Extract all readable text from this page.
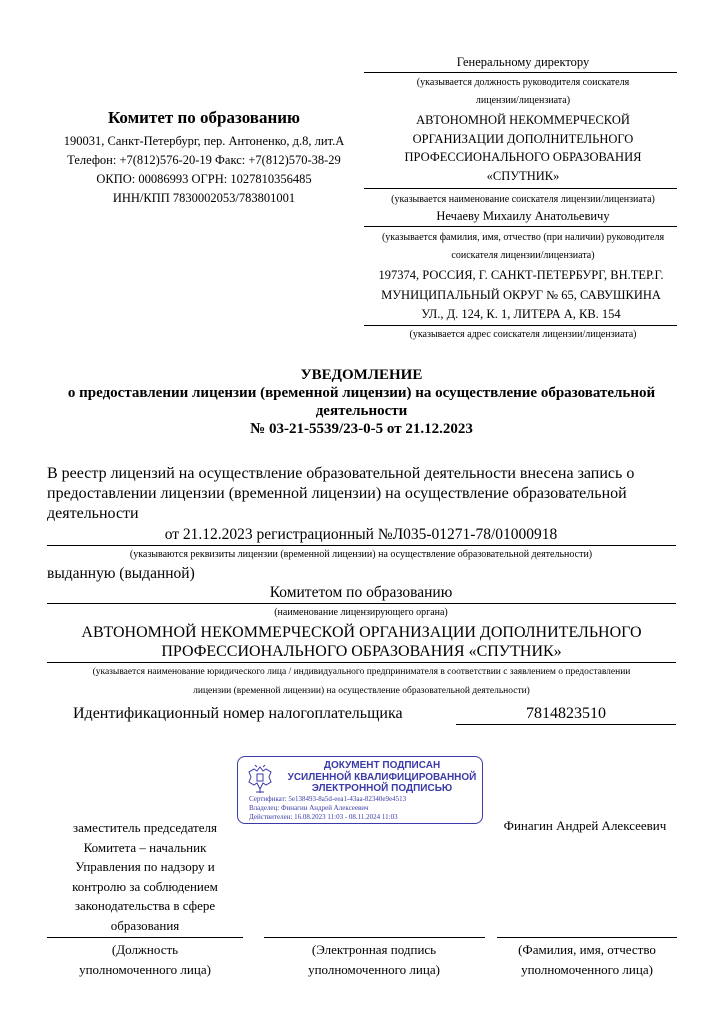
Генеральному директору
(указывается должность руководителя соискателя
лицензии/лицензиата)
АВТОНОМНОЙ НЕКОММЕРЧЕСКОЙ
ОРГАНИЗАЦИИ ДОПОЛНИТЕЛЬНОГО
ПРОФЕССИОНАЛЬНОГО ОБРАЗОВАНИЯ
«СПУТНИК»
(указывается наименование соискателя лицензии/лицензиата)
Нечаеву Михаилу Анатольевичу
(указывается фамилия, имя, отчество (при наличии) руководителя
соискателя лицензии/лицензиата)
197374, РОССИЯ, Г. САНКТ-ПЕТЕРБУРГ, ВН.ТЕР.Г.
МУНИЦИПАЛЬНЫЙ ОКРУГ № 65, САВУШКИНА
УЛ., Д. 124, К. 1, ЛИТЕРА А, КВ. 154
(указывается адрес соискателя лицензии/лицензиата)
Комитет по образованию
190031, Санкт-Петербург, пер. Антоненко, д.8, лит.А
Телефон: +7(812)576-20-19 Факс: +7(812)570-38-29
ОКПО: 00086993 ОГРН: 1027810356485
ИНН/КПП 7830002053/783801001
УВЕДОМЛЕНИЕ
о предоставлении лицензии (временной лицензии) на осуществление образовательной
деятельности
№ 03-21-5539/23-0-5 от 21.12.2023
В реестр лицензий на осуществление образовательной деятельности внесена запись о
предоставлении лицензии (временной лицензии) на осуществление образовательной
деятельности
от 21.12.2023 регистрационный №Л035-01271-78/01000918
(указываются реквизиты лицензии (временной лицензии) на осуществление образовательной деятельности)
выданную (выданной)
Комитетом по образованию
(наименование лицензирующего органа)
АВТОНОМНОЙ НЕКОММЕРЧЕСКОЙ ОРГАНИЗАЦИИ ДОПОЛНИТЕЛЬНОГО
ПРОФЕССИОНАЛЬНОГО ОБРАЗОВАНИЯ «СПУТНИК»
(указывается наименование юридического лица / индивидуального предпринимателя в соответствии с заявлением о предоставлении
лицензии (временной лицензии) на осуществление образовательной деятельности)
Идентификационный номер налогоплательщика	7814823510
ДОКУМЕНТ ПОДПИСАН
УСИЛЕННОЙ КВАЛИФИЦИРОВАННОЙ
ЭЛЕКТРОННОЙ ПОДПИСЬЮ
Сертификат: 5e138493-8a5d-eea1-43aa-82340e9e4513
Владелец: Финагин Андрей Алексеевич
Действителен: 16.08.2023 11:03 - 08.11.2024 11:03
заместитель председателя
Комитета – начальник
Управления по надзору и
контролю за соблюдением
законодательства в сфере
образования
Финагин Андрей Алексеевич
(Должность
уполномоченного лица)
(Электронная подпись
уполномоченного лица)
(Фамилия, имя, отчество
уполномоченного лица)
